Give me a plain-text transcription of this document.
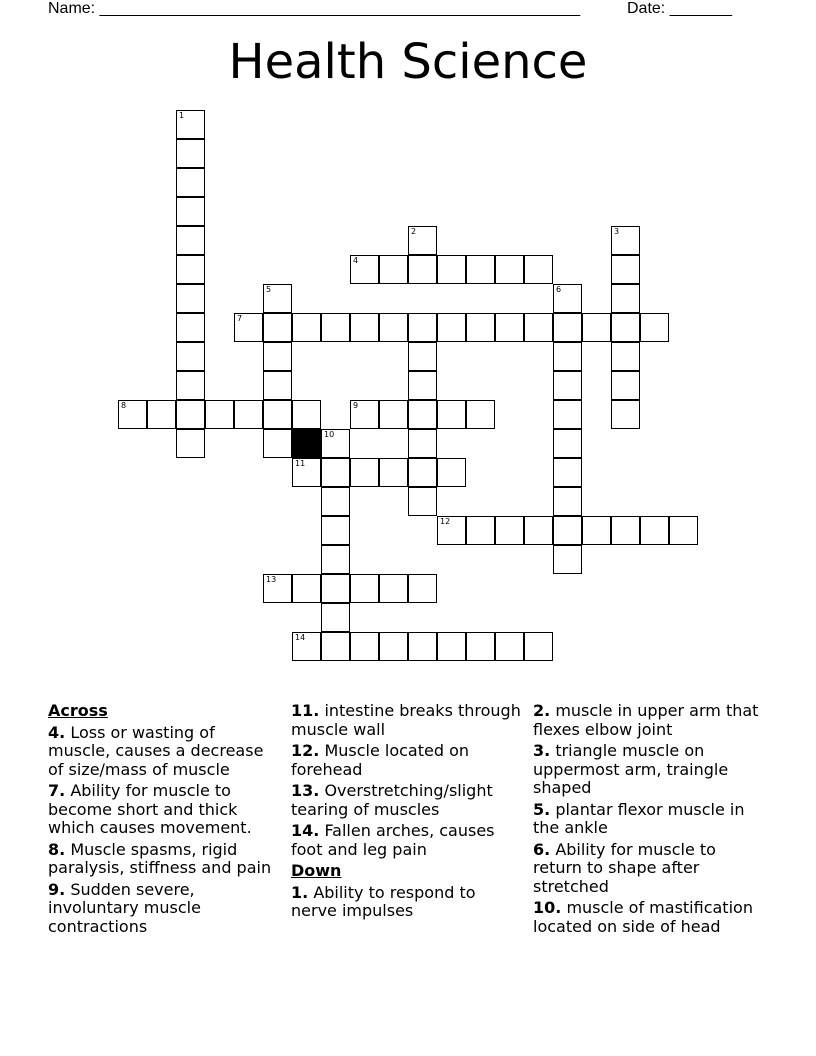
Name: ______________________________________________________	Date: _______
Health Science
1
2	3
4
5	6
7
8	9
10
11
12
13
14
Across
4. Loss or wasting of muscle, causes a decrease of size/mass of muscle
7. Ability for muscle to become short and thick which causes movement.
8. Muscle spasms, rigid paralysis, stiffness and pain
9. Sudden severe, involuntary muscle contractions
11. intestine breaks through muscle wall
12. Muscle located on forehead
13. Overstretching/slight tearing of muscles
14. Fallen arches, causes foot and leg pain
Down
1. Ability to respond to nerve impulses
2. muscle in upper arm that flexes elbow joint
3. triangle muscle on uppermost arm, traingle shaped
5. plantar flexor muscle in the ankle
6. Ability for muscle to return to shape after stretched
10. muscle of mastification located on side of head
